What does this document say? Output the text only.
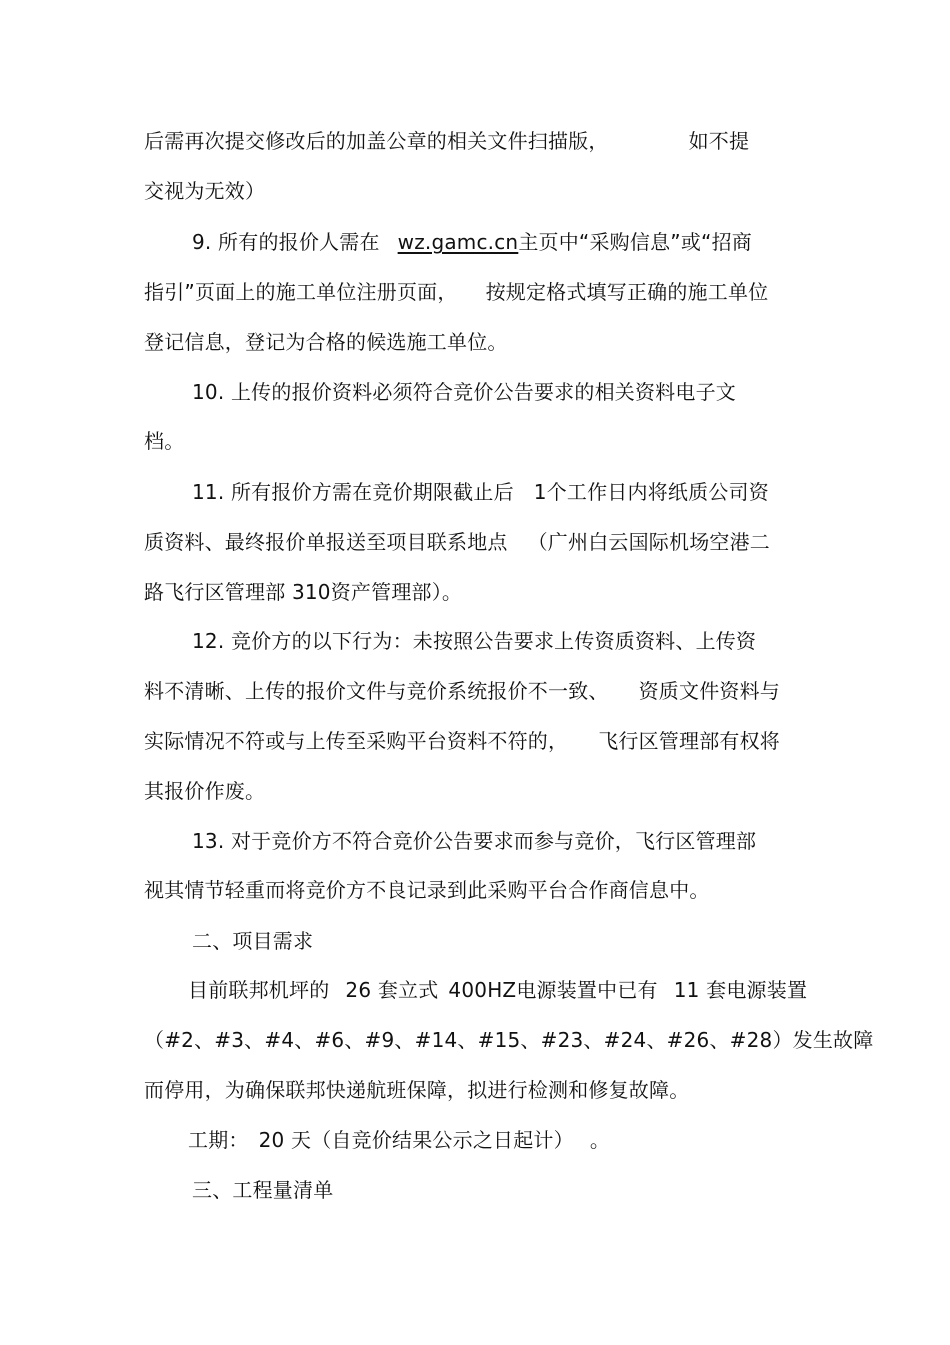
后需再次提交修改后的加盖公章的相关文件扫描版，	如不提
交视为无效）
9. 所有的报价人需在 wz.gamc.cn主页中“采购信息”或“招商
指引”页面上的施工单位注册页面， 按规定格式填写正确的施工单位
登记信息，登记为合格的候选施工单位。
10. 上传的报价资料必须符合竞价公告要求的相关资料电子文
档。
11. 所有报价方需在竞价期限截止后 1个工作日内将纸质公司资
质资料、最终报价单报送至项目联系地点 （广州白云国际机场空港二
路飞行区管理部 310资产管理部）。
12. 竞价方的以下行为：未按照公告要求上传资质资料、上传资
料不清晰、上传的报价文件与竞价系统报价不一致、 资质文件资料与
实际情况不符或与上传至采购平台资料不符的， 飞行区管理部有权将
其报价作废。
13. 对于竞价方不符合竞价公告要求而参与竞价，飞行区管理部
视其情节轻重而将竞价方不良记录到此采购平台合作商信息中。
二、项目需求
目前联邦机坪的 26 套立式 400HZ电源装置中已有 11 套电源装置
（#2、#3、#4、#6、#9、#14、#15、#23、#24、#26、#28）发生故障
而停用，为确保联邦快递航班保障，拟进行检测和修复故障。
工期： 20 天（自竞价结果公示之日起计） 。
三、工程量清单
